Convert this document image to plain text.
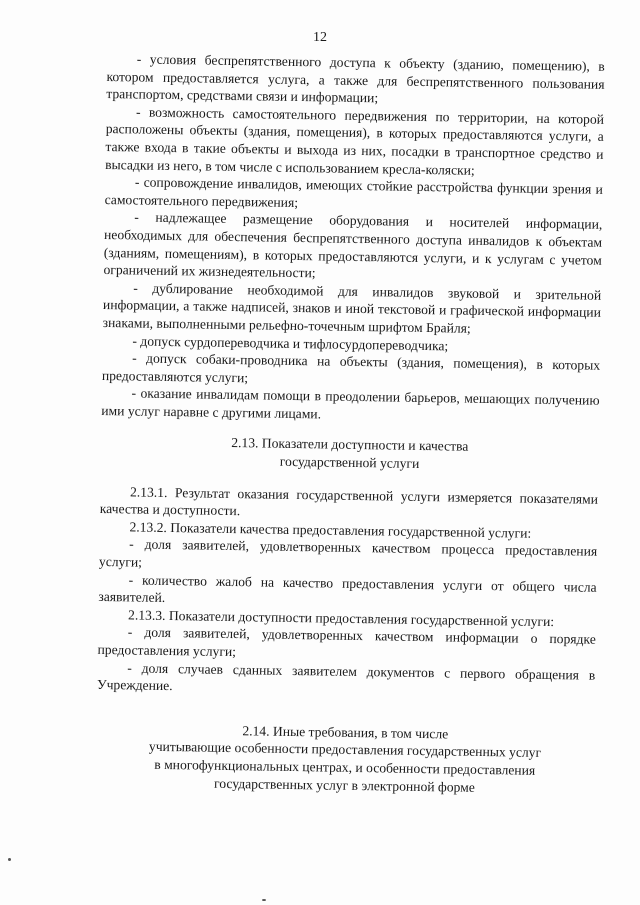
12

- условия беспрепятственного доступа к объекту (зданию, помещению), в котором предоставляется услуга, а также для беспрепятственного пользования транспортом, средствами связи и информации;

- возможность самостоятельного передвижения по территории, на которой расположены объекты (здания, помещения), в которых предоставляются услуги, а также входа в такие объекты и выхода из них, посадки в транспортное средство и высадки из него, в том числе с использованием кресла-коляски;

- сопровождение инвалидов, имеющих стойкие расстройства функции зрения и самостоятельного передвижения;

- надлежащее размещение оборудования и носителей информации, необходимых для обеспечения беспрепятственного доступа инвалидов к объектам (зданиям, помещениям), в которых предоставляются услуги, и к услугам с учетом ограничений их жизнедеятельности;

- дублирование необходимой для инвалидов звуковой и зрительной информации, а также надписей, знаков и иной текстовой и графической информации знаками, выполненными рельефно-точечным шрифтом Брайля;

- допуск сурдопереводчика и тифлосурдопереводчика;

- допуск собаки-проводника на объекты (здания, помещения), в которых предоставляются услуги;

- оказание инвалидам помощи в преодолении барьеров, мешающих получению ими услуг наравне с другими лицами.

2.13. Показатели доступности и качества
государственной услуги

2.13.1. Результат оказания государственной услуги измеряется показателями качества и доступности.

2.13.2. Показатели качества предоставления государственной услуги:

- доля заявителей, удовлетворенных качеством процесса предоставления услуги;

- количество жалоб на качество предоставления услуги от общего числа заявителей.

2.13.3. Показатели доступности предоставления государственной услуги:

- доля заявителей, удовлетворенных качеством информации о порядке предоставления услуги;

- доля случаев сданных заявителем документов с первого обращения в Учреждение.

2.14. Иные требования, в том числе
учитывающие особенности предоставления государственных услуг
в многофункциональных центрах, и особенности предоставления
государственных услуг в электронной форме
